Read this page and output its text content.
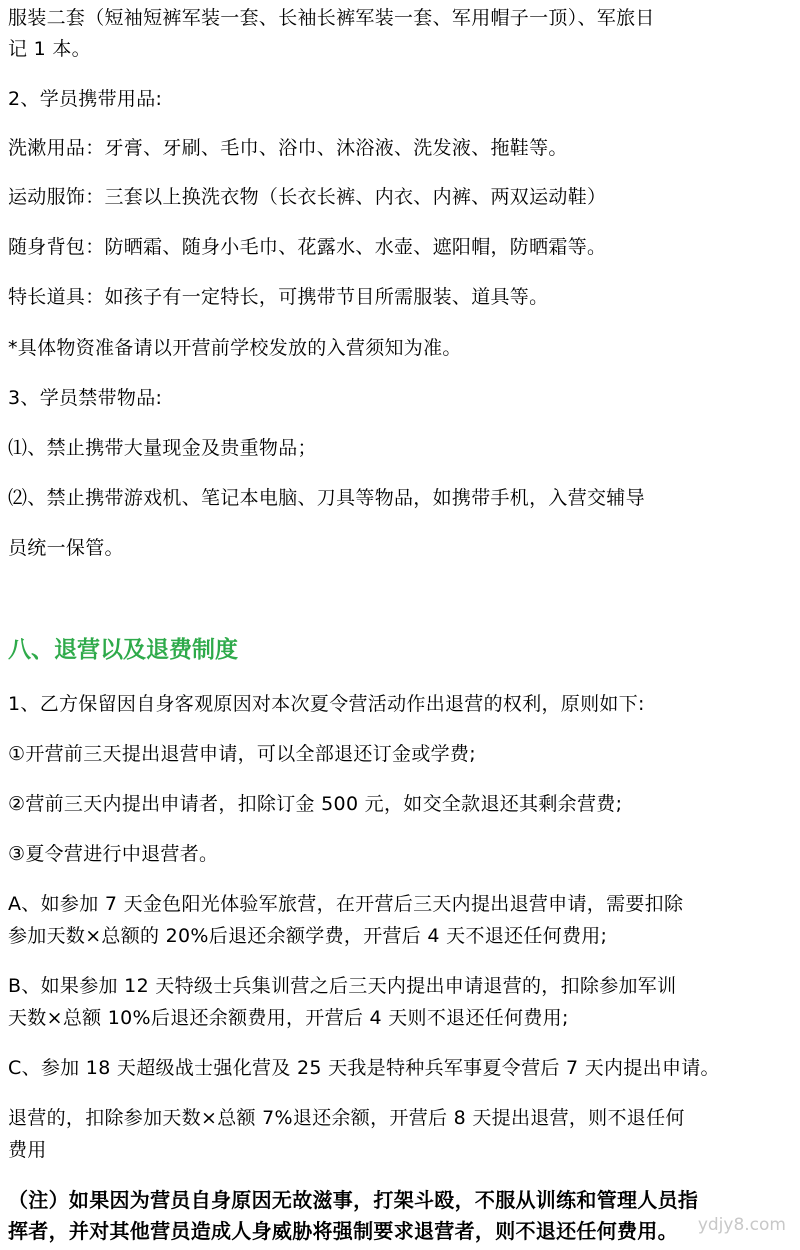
服装二套（短袖短裤军装一套、长袖长裤军装一套、军用帽子一顶）、军旅日
记 1 本。
2、学员携带用品:
洗漱用品：牙膏、牙刷、毛巾、浴巾、沐浴液、洗发液、拖鞋等。
运动服饰：三套以上换洗衣物（长衣长裤、内衣、内裤、两双运动鞋）
随身背包：防晒霜、随身小毛巾、花露水、水壶、遮阳帽，防晒霜等。
特长道具：如孩子有一定特长，可携带节目所需服装、道具等。
*具体物资准备请以开营前学校发放的入营须知为准。
3、学员禁带物品:
⑴、禁止携带大量现金及贵重物品；
⑵、禁止携带游戏机、笔记本电脑、刀具等物品，如携带手机，入营交辅导
员统一保管。
八、退营以及退费制度
1、乙方保留因自身客观原因对本次夏令营活动作出退营的权利，原则如下:
①开营前三天提出退营申请，可以全部退还订金或学费;
②营前三天内提出申请者，扣除订金 500 元，如交全款退还其剩余营费;
③夏令营进行中退营者。
A、如参加 7 天金色阳光体验军旅营，在开营后三天内提出退营申请，需要扣除
参加天数×总额的 20%后退还余额学费，开营后 4 天不退还任何费用;
B、如果参加 12 天特级士兵集训营之后三天内提出申请退营的，扣除参加军训
天数×总额 10%后退还余额费用，开营后 4 天则不退还任何费用;
C、参加 18 天超级战士强化营及 25 天我是特种兵军事夏令营后 7 天内提出申请。
退营的，扣除参加天数×总额 7%退还余额，开营后 8 天提出退营，则不退任何
费用
（注）如果因为营员自身原因无故滋事，打架斗殴，不服从训练和管理人员指
挥者，并对其他营员造成人身威胁将强制要求退营者，则不退还任何费用。	ydjy8.com
